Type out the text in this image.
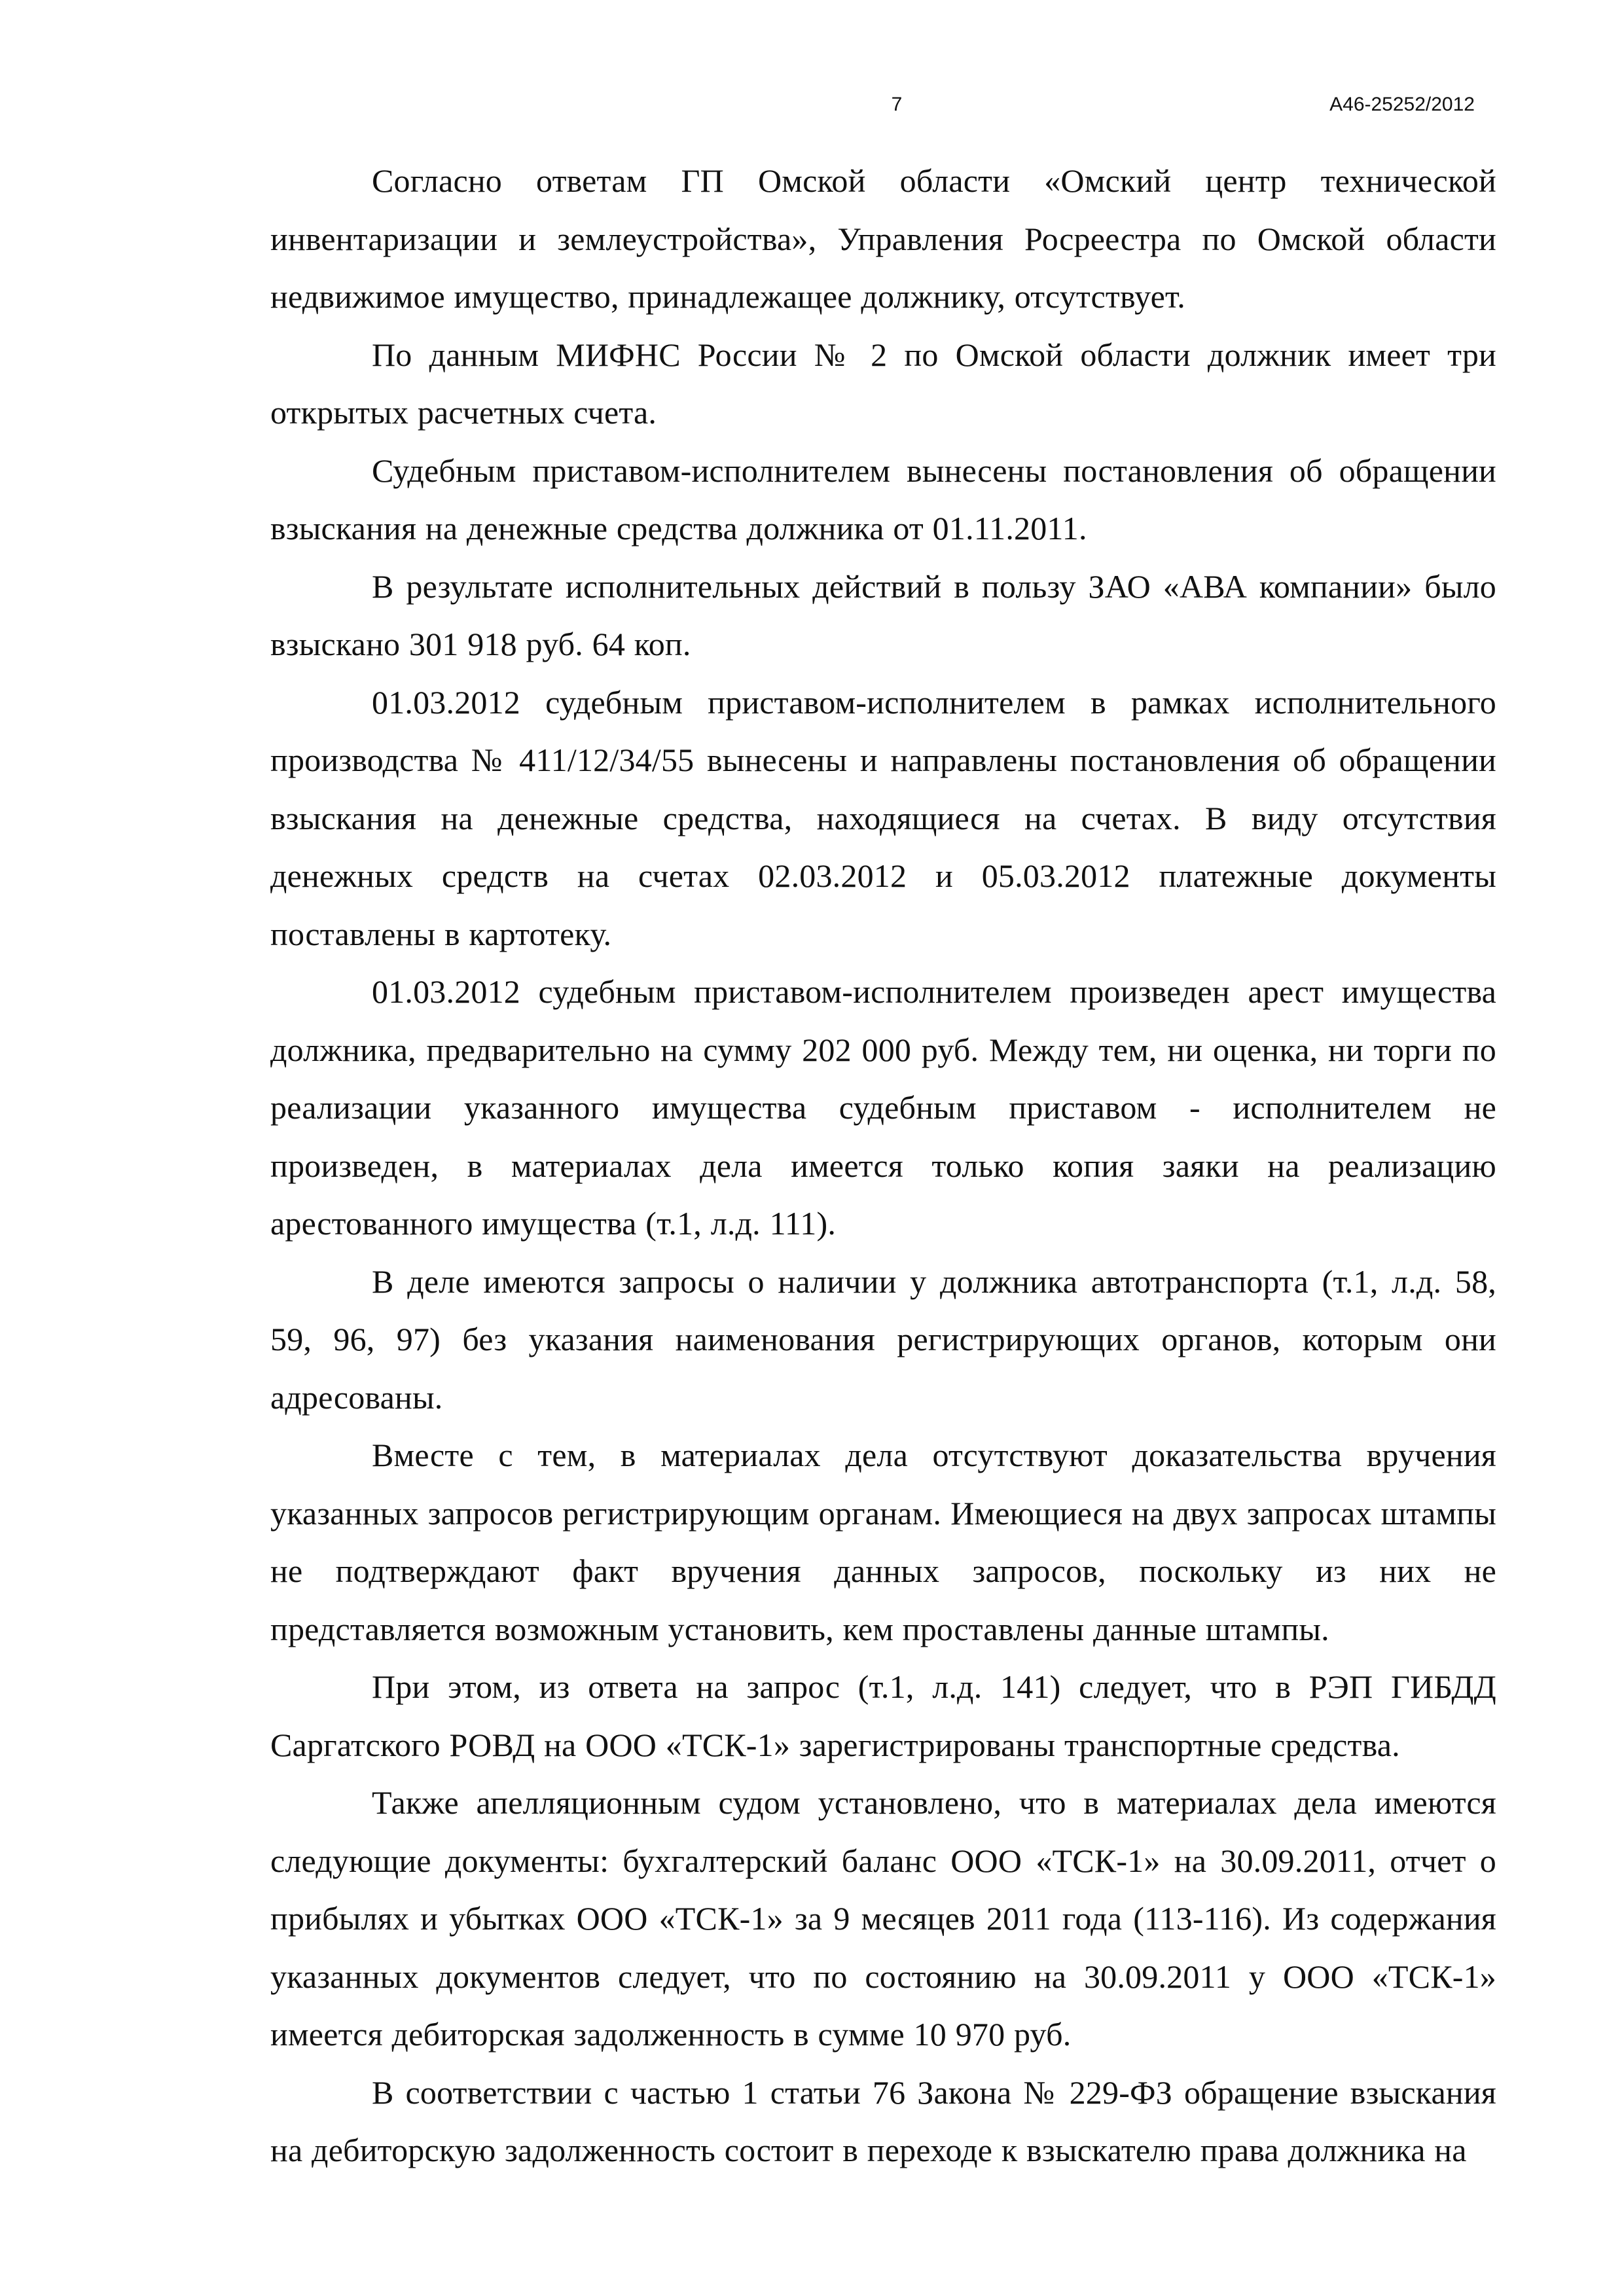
7	А46-25252/2012

Согласно ответам ГП Омской области «Омский центр технической инвентаризации и землеустройства», Управления Росреестра по Омской области недвижимое имущество, принадлежащее должнику, отсутствует.

По данным МИФНС России № 2 по Омской области должник имеет три открытых расчетных счета.

Судебным приставом-исполнителем вынесены постановления об обращении взыскания на денежные средства должника от 01.11.2011.

В результате исполнительных действий в пользу ЗАО «АВА компании» было взыскано 301 918 руб. 64 коп.

01.03.2012 судебным приставом-исполнителем в рамках исполнительного производства № 411/12/34/55 вынесены и направлены постановления об обращении взыскания на денежные средства, находящиеся на счетах. В виду отсутствия денежных средств на счетах 02.03.2012 и 05.03.2012 платежные документы поставлены в картотеку.

01.03.2012 судебным приставом-исполнителем произведен арест имущества должника, предварительно на сумму 202 000 руб. Между тем, ни оценка, ни торги по реализации указанного имущества судебным приставом - исполнителем не произведен, в материалах дела имеется только копия заяки на реализацию арестованного имущества (т.1, л.д. 111).

В деле имеются запросы о наличии у должника автотранспорта (т.1, л.д. 58, 59, 96, 97) без указания наименования регистрирующих органов, которым они адресованы.

Вместе с тем, в материалах дела отсутствуют доказательства вручения указанных запросов регистрирующим органам. Имеющиеся на двух запросах штампы не подтверждают факт вручения данных запросов, поскольку из них не представляется возможным установить, кем проставлены данные штампы.

При этом, из ответа на запрос (т.1, л.д. 141) следует, что в РЭП ГИБДД Саргатского РОВД на ООО «ТСК-1» зарегистрированы транспортные средства.

Также апелляционным судом установлено, что в материалах дела имеются следующие документы: бухгалтерский баланс ООО «ТСК-1» на 30.09.2011, отчет о прибылях и убытках ООО «ТСК-1» за 9 месяцев 2011 года (113-116). Из содержания указанных документов следует, что по состоянию на 30.09.2011 у ООО «ТСК-1» имеется дебиторская задолженность в сумме 10 970 руб.

В соответствии с частью 1 статьи 76 Закона № 229-ФЗ обращение взыскания на дебиторскую задолженность состоит в переходе к взыскателю права должника на
